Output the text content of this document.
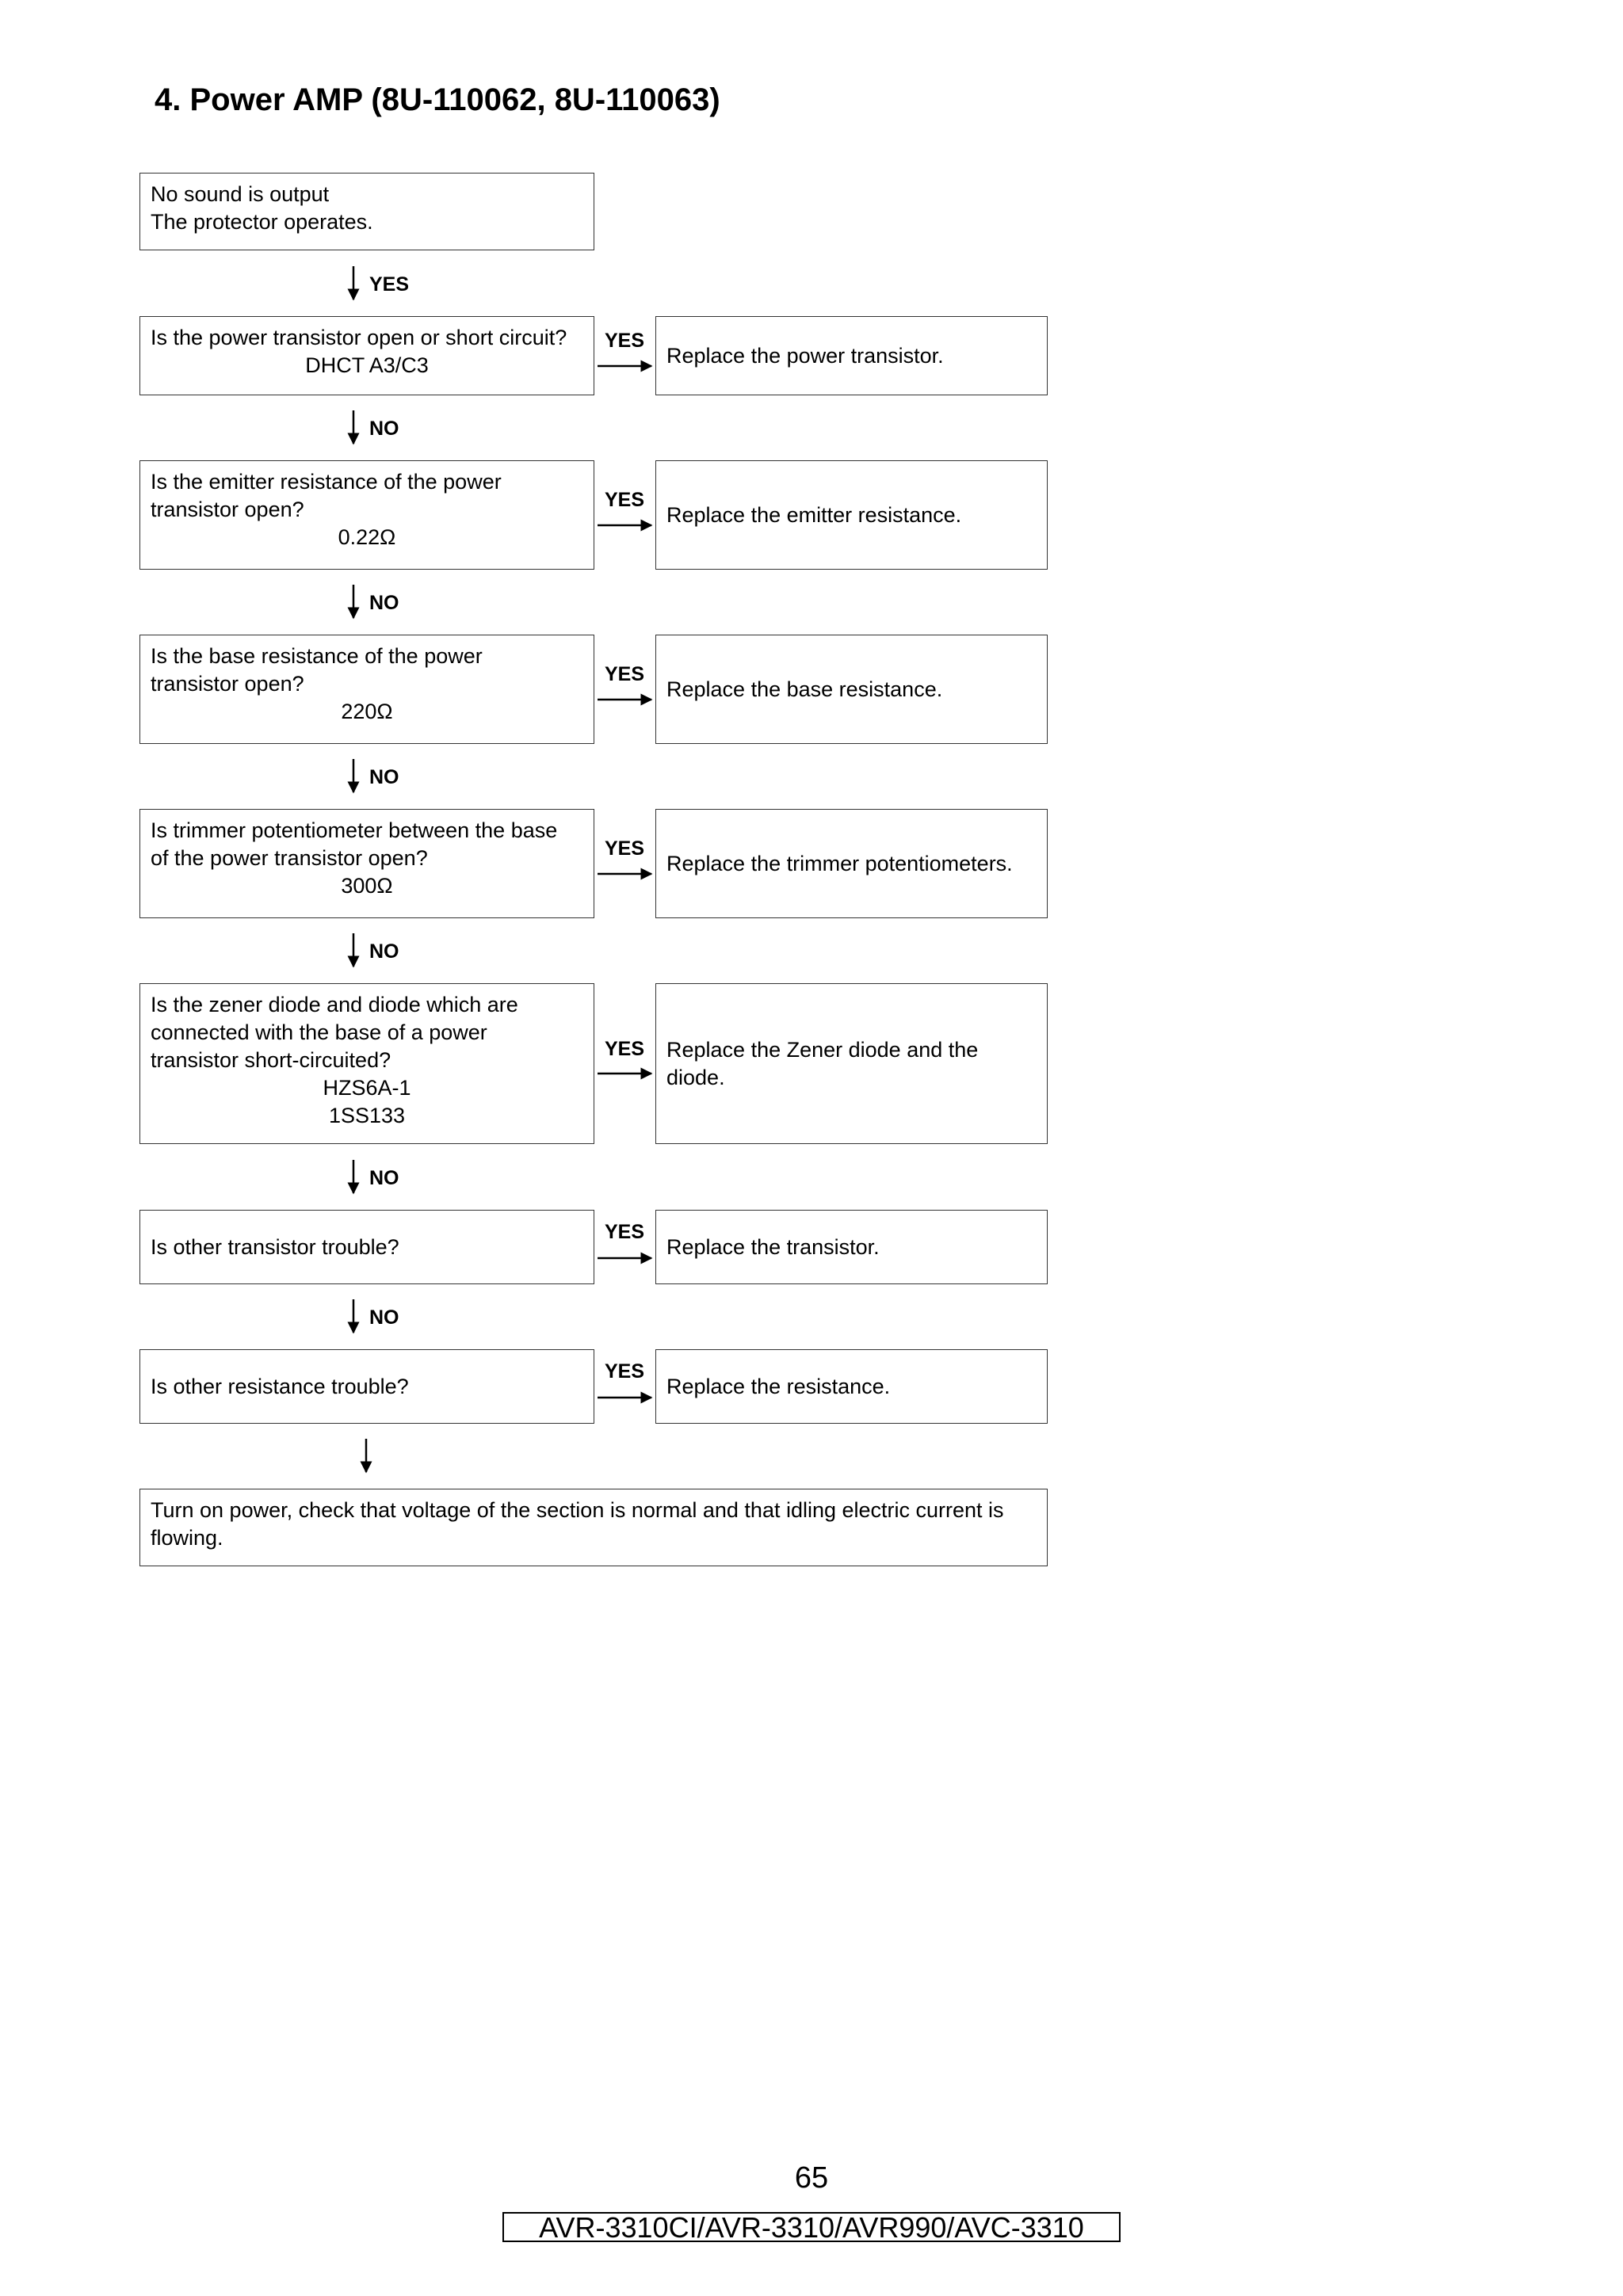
4. Power AMP (8U-110062, 8U-110063)
No sound is output
The protector operates.
Is the power transistor open or short circuit?
DHCT A3/C3
Is the emitter resistance of the power
transistor open?
0.22Ω
Is the base resistance of the power
transistor open?
220Ω
Is trimmer potentiometer between the base
of the power transistor open?
300Ω
Is the zener diode and diode which are
connected with the base of a power
transistor short-circuited?
HZS6A-1
1SS133
Is other transistor trouble?
Is other resistance trouble?
Replace the power transistor.
Replace the emitter resistance.
Replace the base resistance.
Replace the trimmer potentiometers.
Replace the Zener diode and the
diode.
Replace the transistor.
Replace the resistance.
Turn on power, check that voltage of the section is normal and that idling electric current is
flowing.
YES
NO
NO
NO
NO
NO
NO
YES
YES
YES
YES
YES
YES
YES

65

AVR-3310CI/AVR-3310/AVR990/AVC-3310
